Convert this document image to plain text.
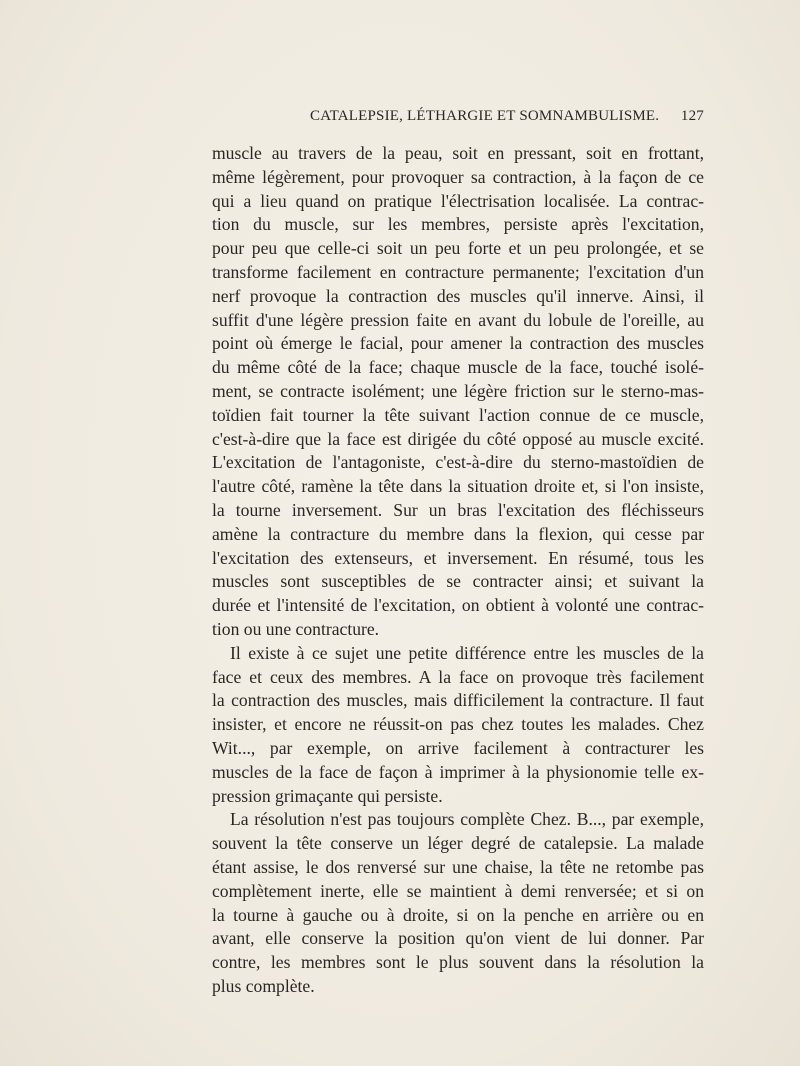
CATALEPSIE, LÉTHARGIE ET SOMNAMBULISME. 127
muscle au travers de la peau, soit en pressant, soit en frottant,
même légèrement, pour provoquer sa contraction, à la façon de ce
qui a lieu quand on pratique l'électrisation localisée. La contrac-
tion du muscle, sur les membres, persiste après l'excitation,
pour peu que celle-ci soit un peu forte et un peu prolongée, et se
transforme facilement en contracture permanente; l'excitation d'un
nerf provoque la contraction des muscles qu'il innerve. Ainsi, il
suffit d'une légère pression faite en avant du lobule de l'oreille, au
point où émerge le facial, pour amener la contraction des muscles
du même côté de la face; chaque muscle de la face, touché isolé-
ment, se contracte isolément; une légère friction sur le sterno-mas-
toïdien fait tourner la tête suivant l'action connue de ce muscle,
c'est-à-dire que la face est dirigée du côté opposé au muscle excité.
L'excitation de l'antagoniste, c'est-à-dire du sterno-mastoïdien de
l'autre côté, ramène la tête dans la situation droite et, si l'on insiste,
la tourne inversement. Sur un bras l'excitation des fléchisseurs
amène la contracture du membre dans la flexion, qui cesse par
l'excitation des extenseurs, et inversement. En résumé, tous les
muscles sont susceptibles de se contracter ainsi; et suivant la
durée et l'intensité de l'excitation, on obtient à volonté une contrac-
tion ou une contracture.
Il existe à ce sujet une petite différence entre les muscles de la
face et ceux des membres. A la face on provoque très facilement
la contraction des muscles, mais difficilement la contracture. Il faut
insister, et encore ne réussit-on pas chez toutes les malades. Chez
Wit..., par exemple, on arrive facilement à contracturer les
muscles de la face de façon à imprimer à la physionomie telle ex-
pression grimaçante qui persiste.
La résolution n'est pas toujours complète Chez. B..., par exemple,
souvent la tête conserve un léger degré de catalepsie. La malade
étant assise, le dos renversé sur une chaise, la tête ne retombe pas
complètement inerte, elle se maintient à demi renversée; et si on
la tourne à gauche ou à droite, si on la penche en arrière ou en
avant, elle conserve la position qu'on vient de lui donner. Par
contre, les membres sont le plus souvent dans la résolution la
plus complète.
